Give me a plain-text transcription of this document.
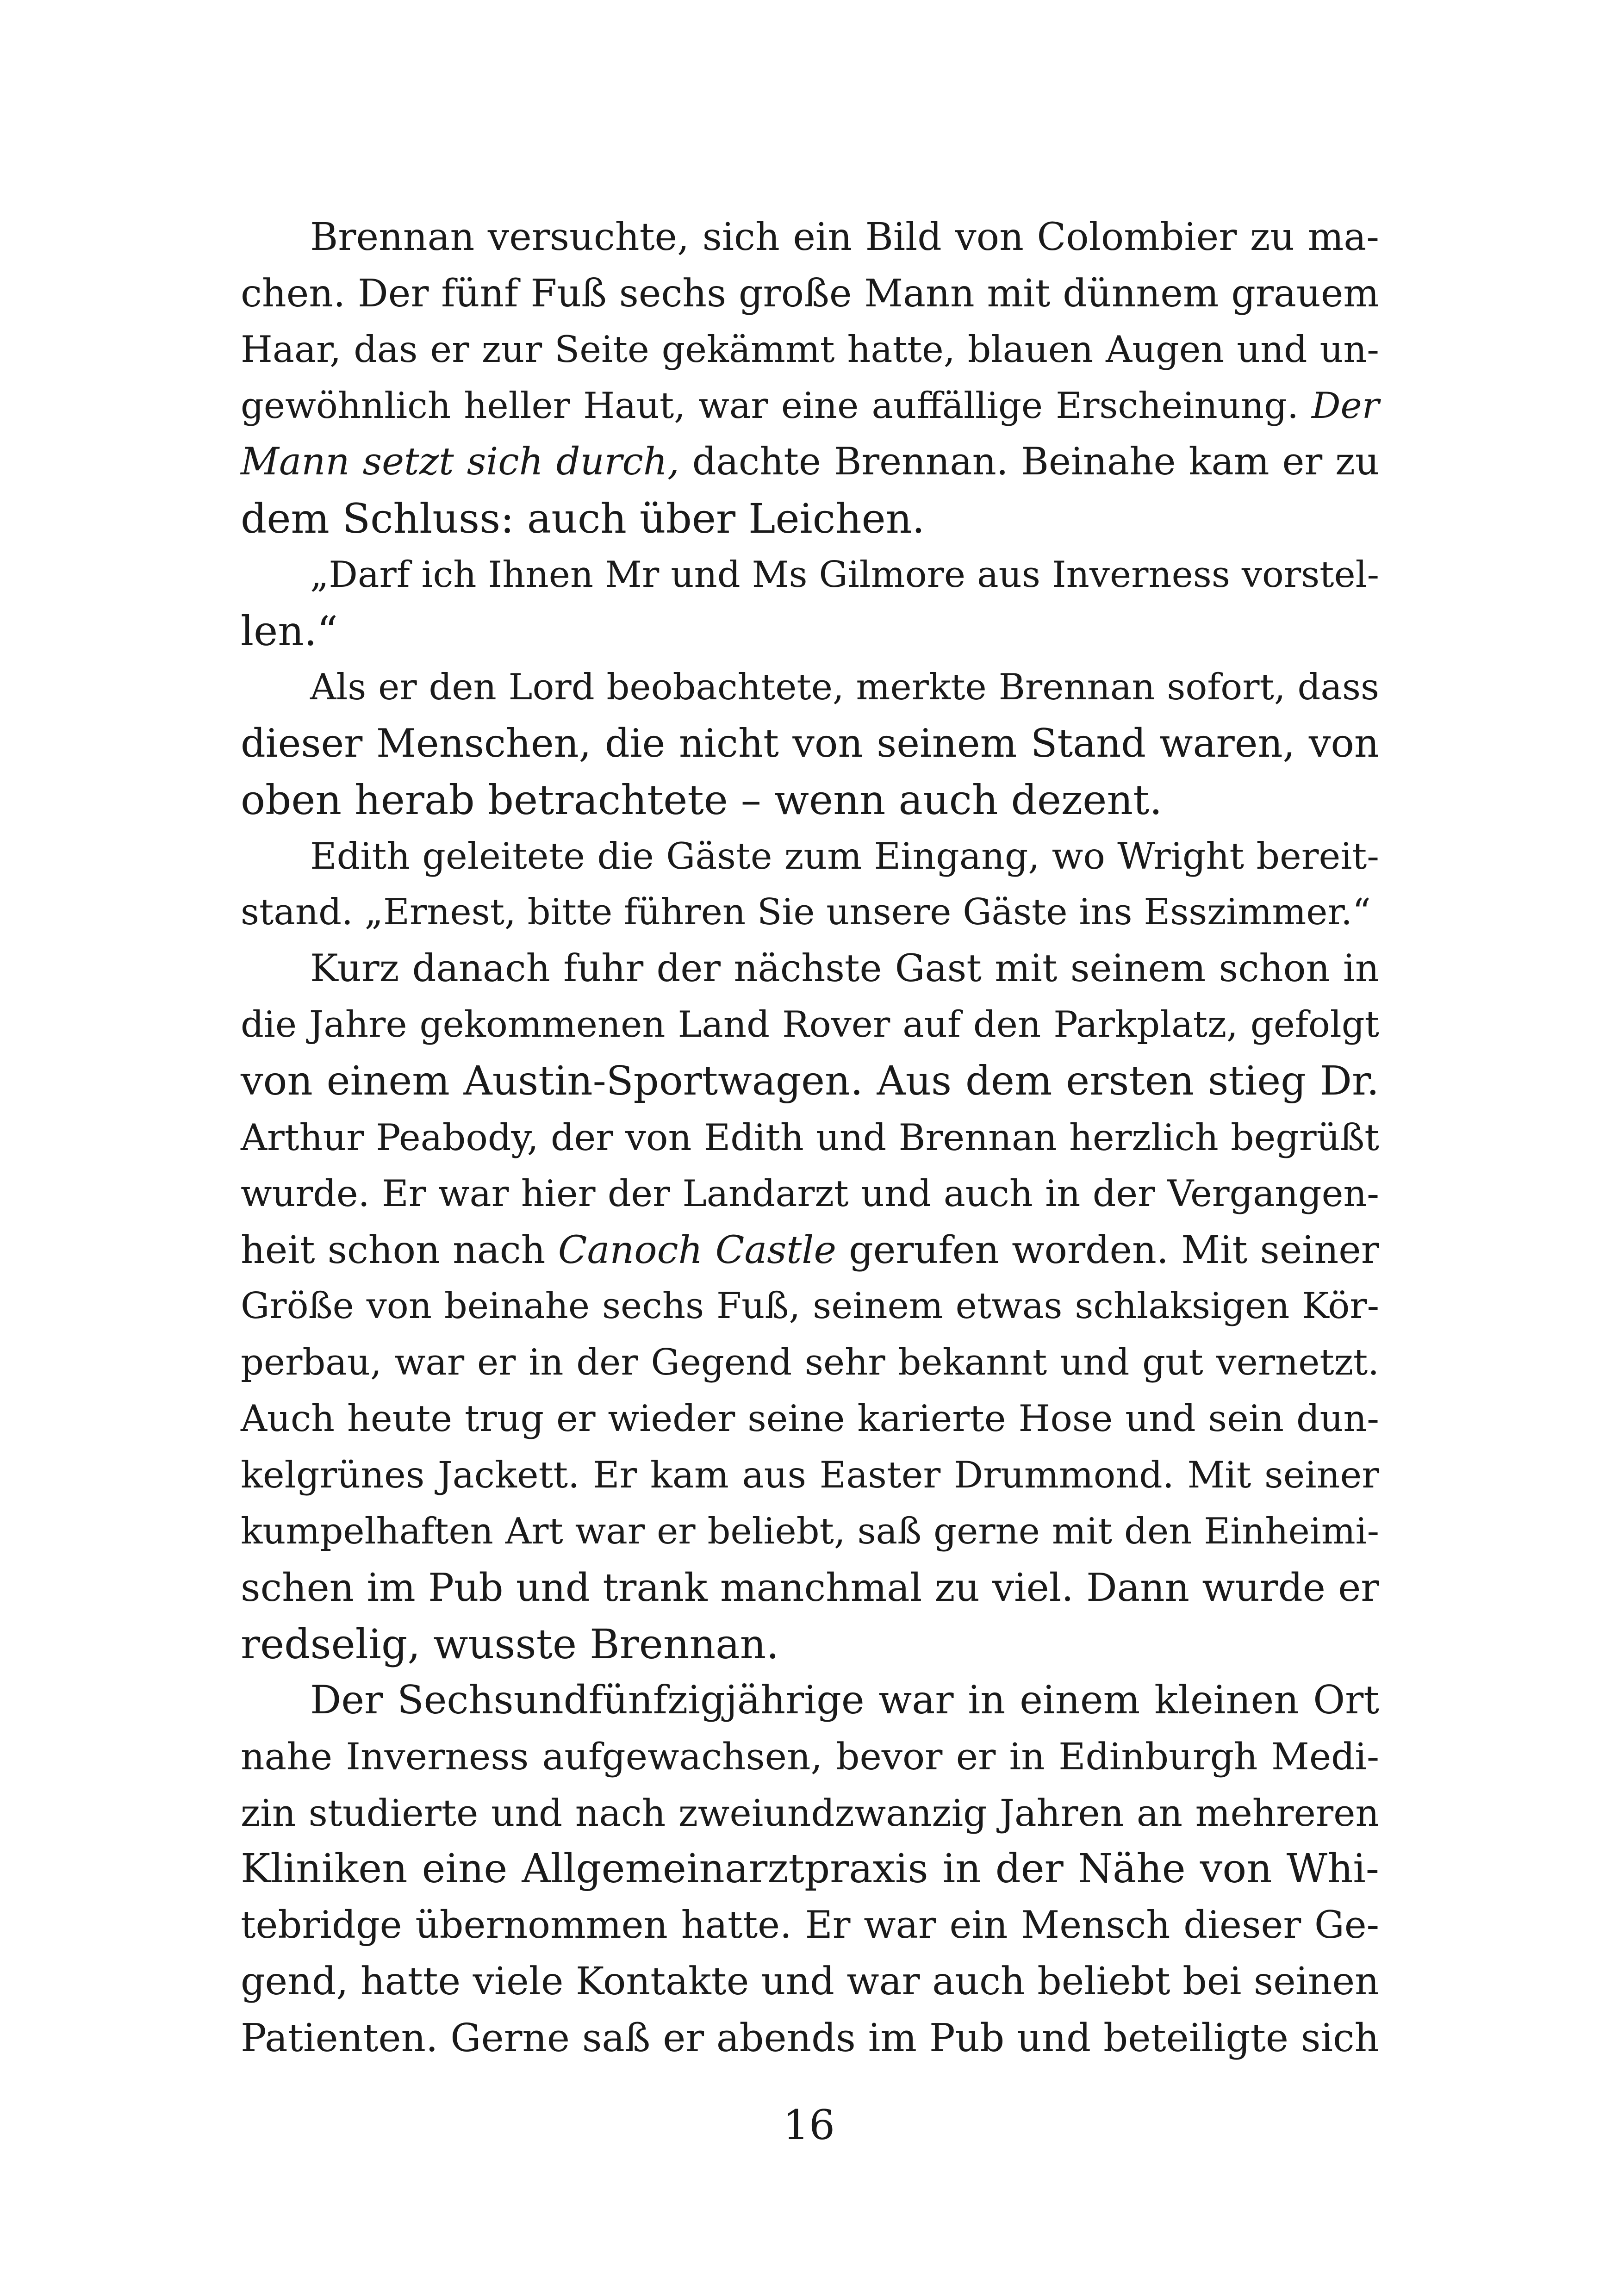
Brennan versuchte, sich ein Bild von Colombier zu ma-
chen. Der fünf Fuß sechs große Mann mit dünnem grauem
Haar, das er zur Seite gekämmt hatte, blauen Augen und un-
gewöhnlich heller Haut, war eine auffällige Erscheinung. Der
Mann setzt sich durch, dachte Brennan. Beinahe kam er zu
dem Schluss: auch über Leichen.
„Darf ich Ihnen Mr und Ms Gilmore aus Inverness vorstel-
len.“
Als er den Lord beobachtete, merkte Brennan sofort, dass
dieser Menschen, die nicht von seinem Stand waren, von
oben herab betrachtete – wenn auch dezent.
Edith geleitete die Gäste zum Eingang, wo Wright bereit-
stand. „Ernest, bitte führen Sie unsere Gäste ins Esszimmer.“
Kurz danach fuhr der nächste Gast mit seinem schon in
die Jahre gekommenen Land Rover auf den Parkplatz, gefolgt
von einem Austin-Sportwagen. Aus dem ersten stieg Dr.
Arthur Peabody, der von Edith und Brennan herzlich begrüßt
wurde. Er war hier der Landarzt und auch in der Vergangen-
heit schon nach Canoch Castle gerufen worden. Mit seiner
Größe von beinahe sechs Fuß, seinem etwas schlaksigen Kör-
perbau, war er in der Gegend sehr bekannt und gut vernetzt.
Auch heute trug er wieder seine karierte Hose und sein dun-
kelgrünes Jackett. Er kam aus Easter Drummond. Mit seiner
kumpelhaften Art war er beliebt, saß gerne mit den Einheimi-
schen im Pub und trank manchmal zu viel. Dann wurde er
redselig, wusste Brennan.
Der Sechsundfünfzigjährige war in einem kleinen Ort
nahe Inverness aufgewachsen, bevor er in Edinburgh Medi-
zin studierte und nach zweiundzwanzig Jahren an mehreren
Kliniken eine Allgemeinarztpraxis in der Nähe von Whi-
tebridge übernommen hatte. Er war ein Mensch dieser Ge-
gend, hatte viele Kontakte und war auch beliebt bei seinen
Patienten. Gerne saß er abends im Pub und beteiligte sich
16
